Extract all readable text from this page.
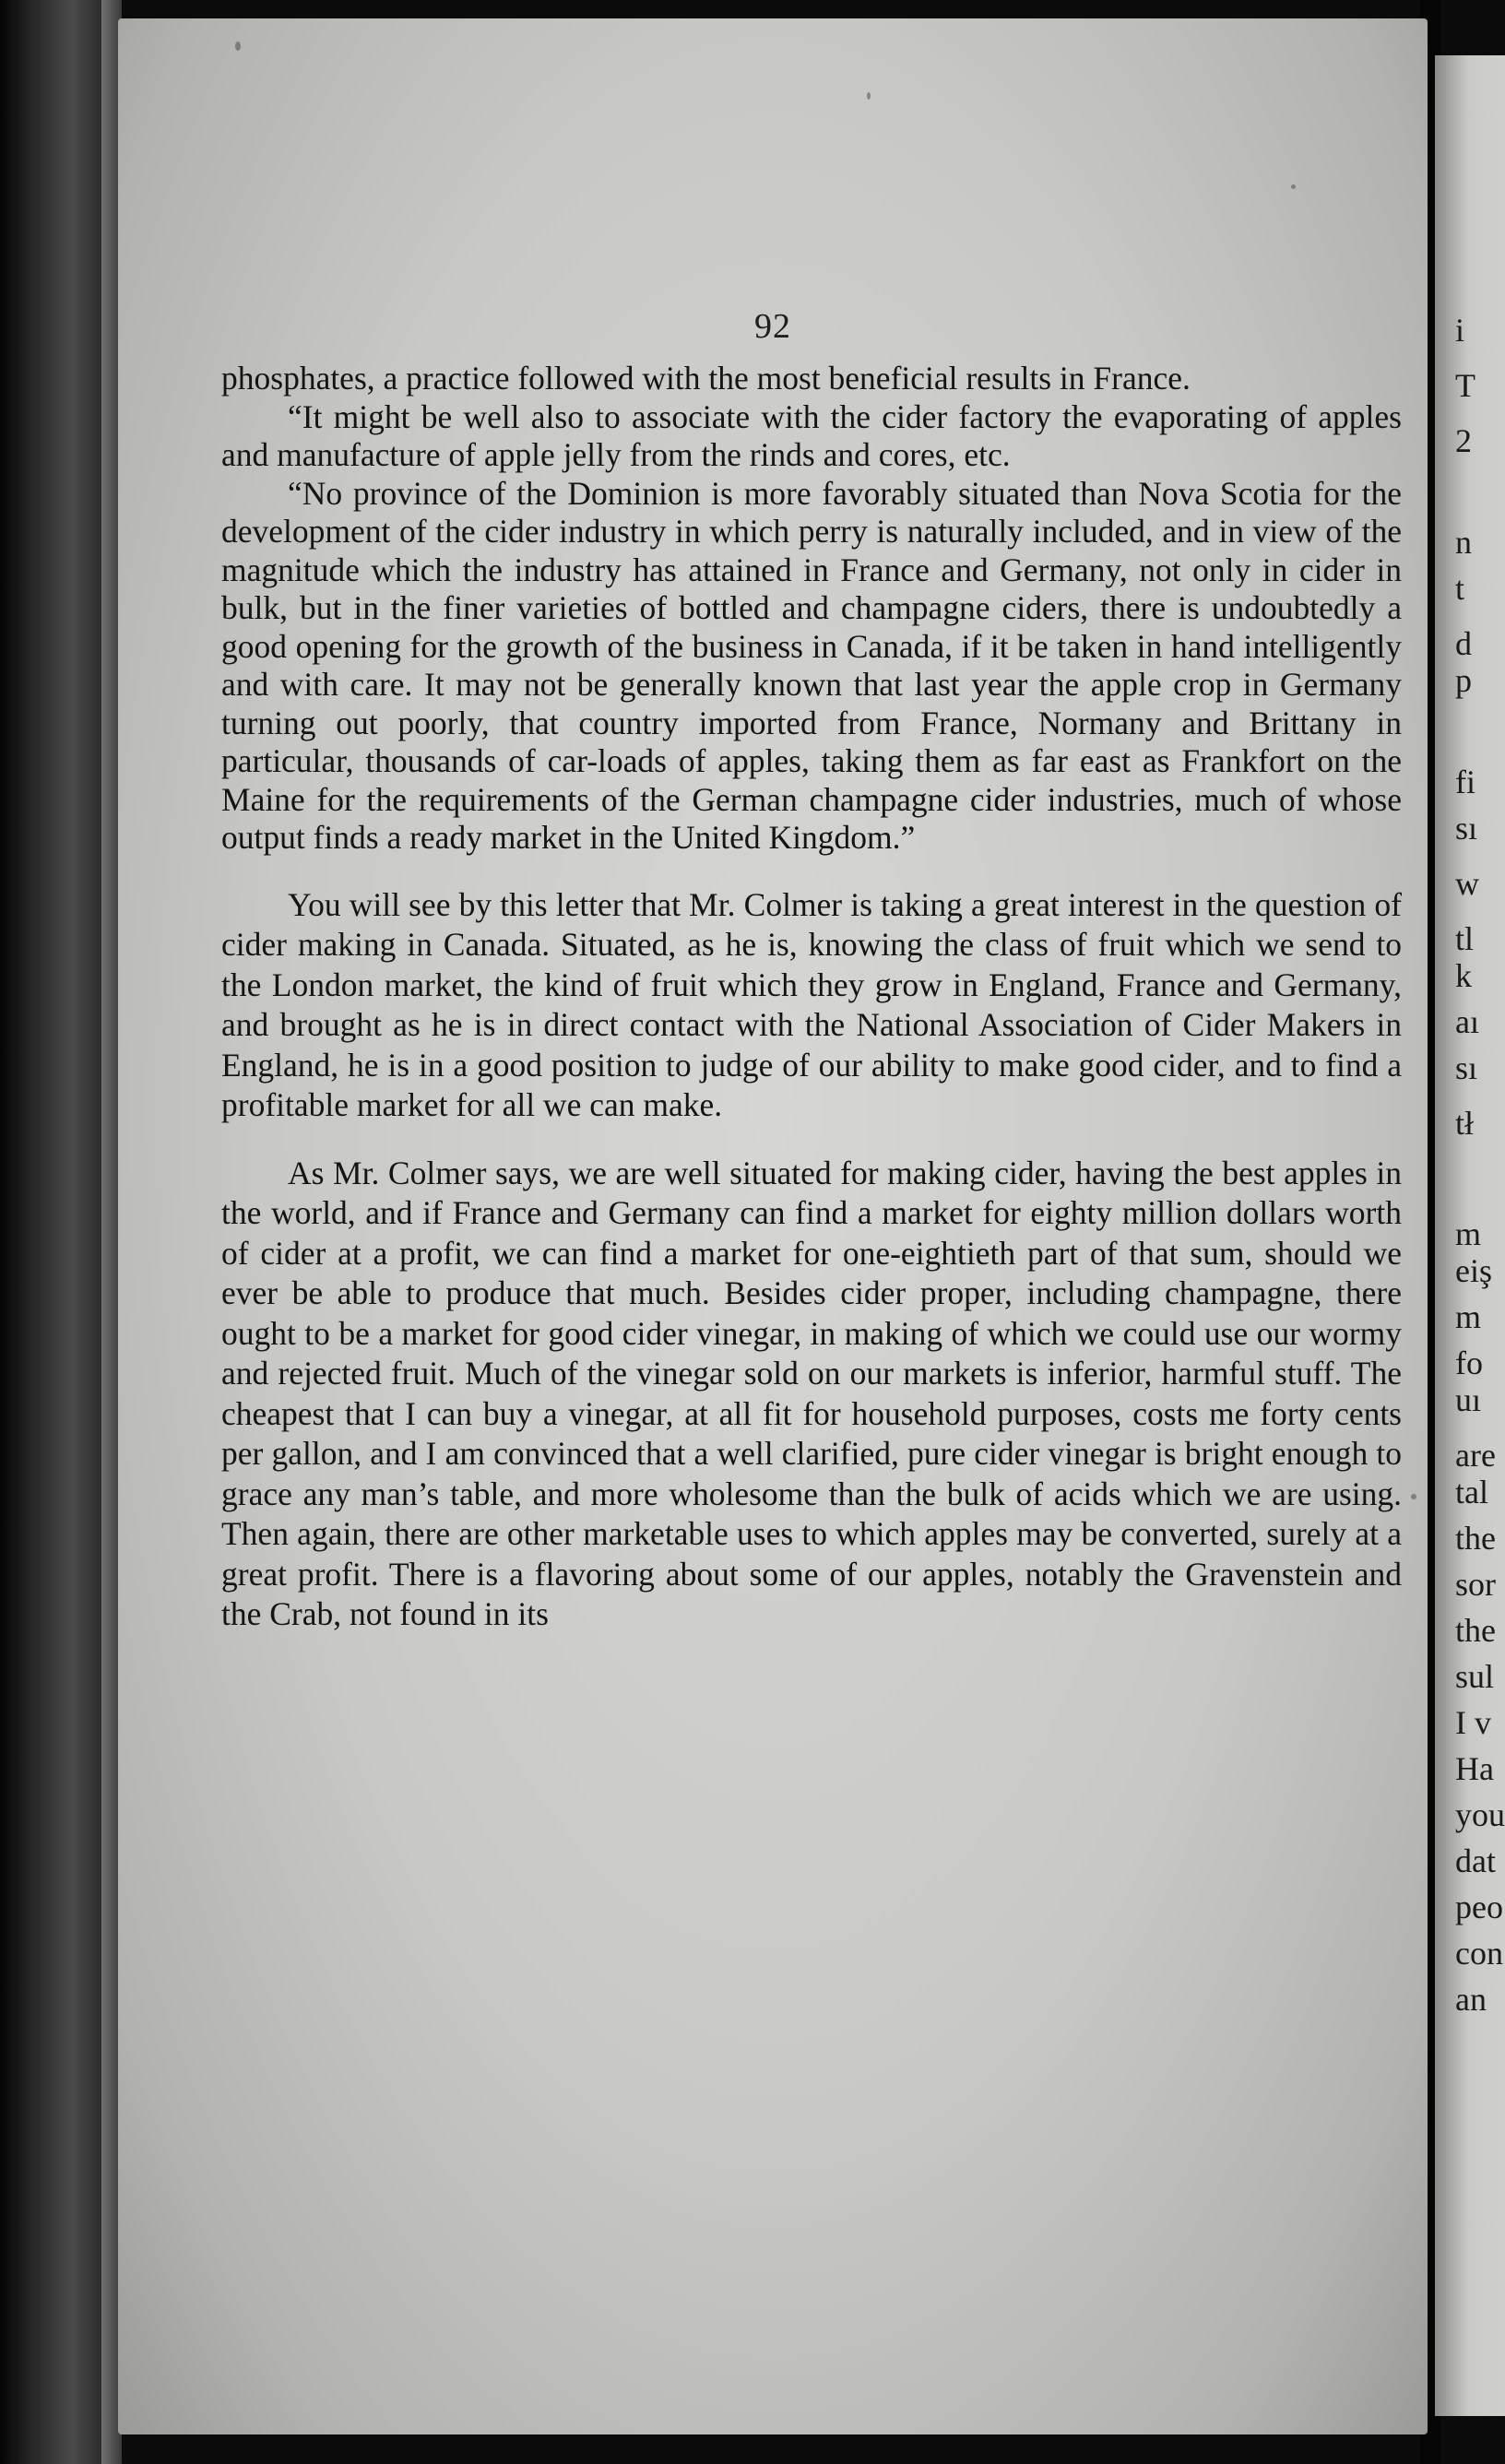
i
T
2
n
t
d
p
fi
sı
w
tl
k
aı
sı
tł
m
eiş
m
fo
uı
are
tal
the
sor
the
sul
I v
Ha
you
dat
peo
con
an
92

phosphates, a practice followed with the most beneficial results in France.

“It might be well also to associate with the cider factory the evaporating of apples and manufacture of apple jelly from the rinds and cores, etc.

“No province of the Dominion is more favorably situated than Nova Scotia for the development of the cider industry in which perry is naturally included, and in view of the magnitude which the industry has attained in France and Germany, not only in cider in bulk, but in the finer varieties of bottled and champagne ciders, there is undoubtedly a good opening for the growth of the business in Canada, if it be taken in hand intelligently and with care. It may not be generally known that last year the apple crop in Germany turning out poorly, that country imported from France, Normany and Brittany in particular, thousands of car-loads of apples, taking them as far east as Frankfort on the Maine for the requirements of the German champagne cider industries, much of whose output finds a ready market in the United Kingdom.”

You will see by this letter that Mr. Colmer is taking a great interest in the question of cider making in Canada. Situated, as he is, knowing the class of fruit which we send to the London market, the kind of fruit which they grow in England, France and Germany, and brought as he is in direct contact with the National Association of Cider Makers in England, he is in a good position to judge of our ability to make good cider, and to find a profitable market for all we can make.

As Mr. Colmer says, we are well situated for making cider, having the best apples in the world, and if France and Germany can find a market for eighty million dollars worth of cider at a profit, we can find a market for one-eightieth part of that sum, should we ever be able to produce that much. Besides cider proper, including champagne, there ought to be a market for good cider vinegar, in making of which we could use our wormy and rejected fruit. Much of the vinegar sold on our markets is inferior, harmful stuff. The cheapest that I can buy a vinegar, at all fit for household purposes, costs me forty cents per gallon, and I am convinced that a well clarified, pure cider vinegar is bright enough to grace any man’s table, and more wholesome than the bulk of acids which we are using. Then again, there are other marketable uses to which apples may be converted, surely at a great profit. There is a flavoring about some of our apples, notably the Gravenstein and the Crab, not found in its
